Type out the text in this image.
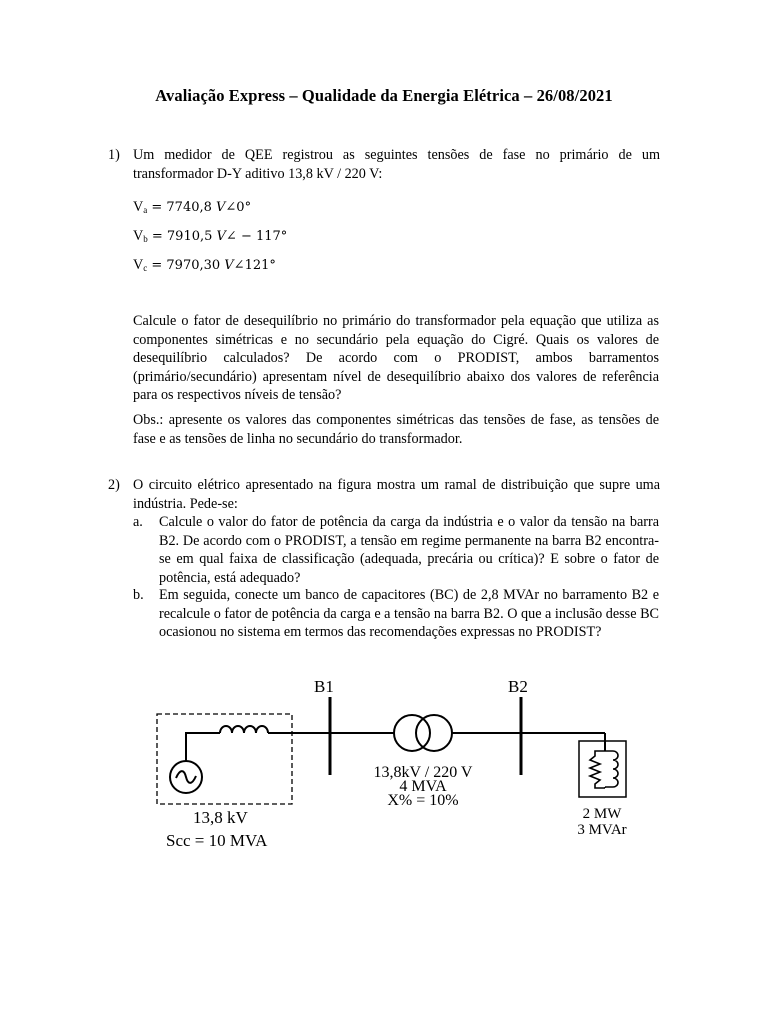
Avaliação Express – Qualidade da Energia Elétrica – 26/08/2021
1) Um medidor de QEE registrou as seguintes tensões de fase no primário de um transformador D-Y aditivo 13,8 kV / 220 V:
$V_a = 7740,8$ 𝑉∠0°
$V_b = 7910,5$ 𝑉∠ − 117°
$V_c = 7970,30$ 𝑉∠121°
Calcule o fator de desequilíbrio no primário do transformador pela equação que utiliza as componentes simétricas e no secundário pela equação do Cigré. Quais os valores de desequilíbrio calculados? De acordo com o PRODIST, ambos barramentos (primário/secundário) apresentam nível de desequilíbrio abaixo dos valores de referência para os respectivos níveis de tensão?
Obs.: apresente os valores das componentes simétricas das tensões de fase, as tensões de fase e as tensões de linha no secundário do transformador.
2) O circuito elétrico apresentado na figura mostra um ramal de distribuição que supre uma indústria. Pede-se:
a. Calcule o valor do fator de potência da carga da indústria e o valor da tensão na barra B2. De acordo com o PRODIST, a tensão em regime permanente na barra B2 encontra-se em qual faixa de classificação (adequada, precária ou crítica)? E sobre o fator de potência, está adequado?
b. Em seguida, conecte um banco de capacitores (BC) de 2,8 MVAr no barramento B2 e recalcule o fator de potência da carga e a tensão na barra B2. O que a inclusão desse BC ocasionou no sistema em termos das recomendações expressas no PRODIST?
B1	B2
13,8 kV
Scc = 10 MVA
13,8kV / 220 V
4 MVA
X% = 10%
2 MW
3 MVAr
